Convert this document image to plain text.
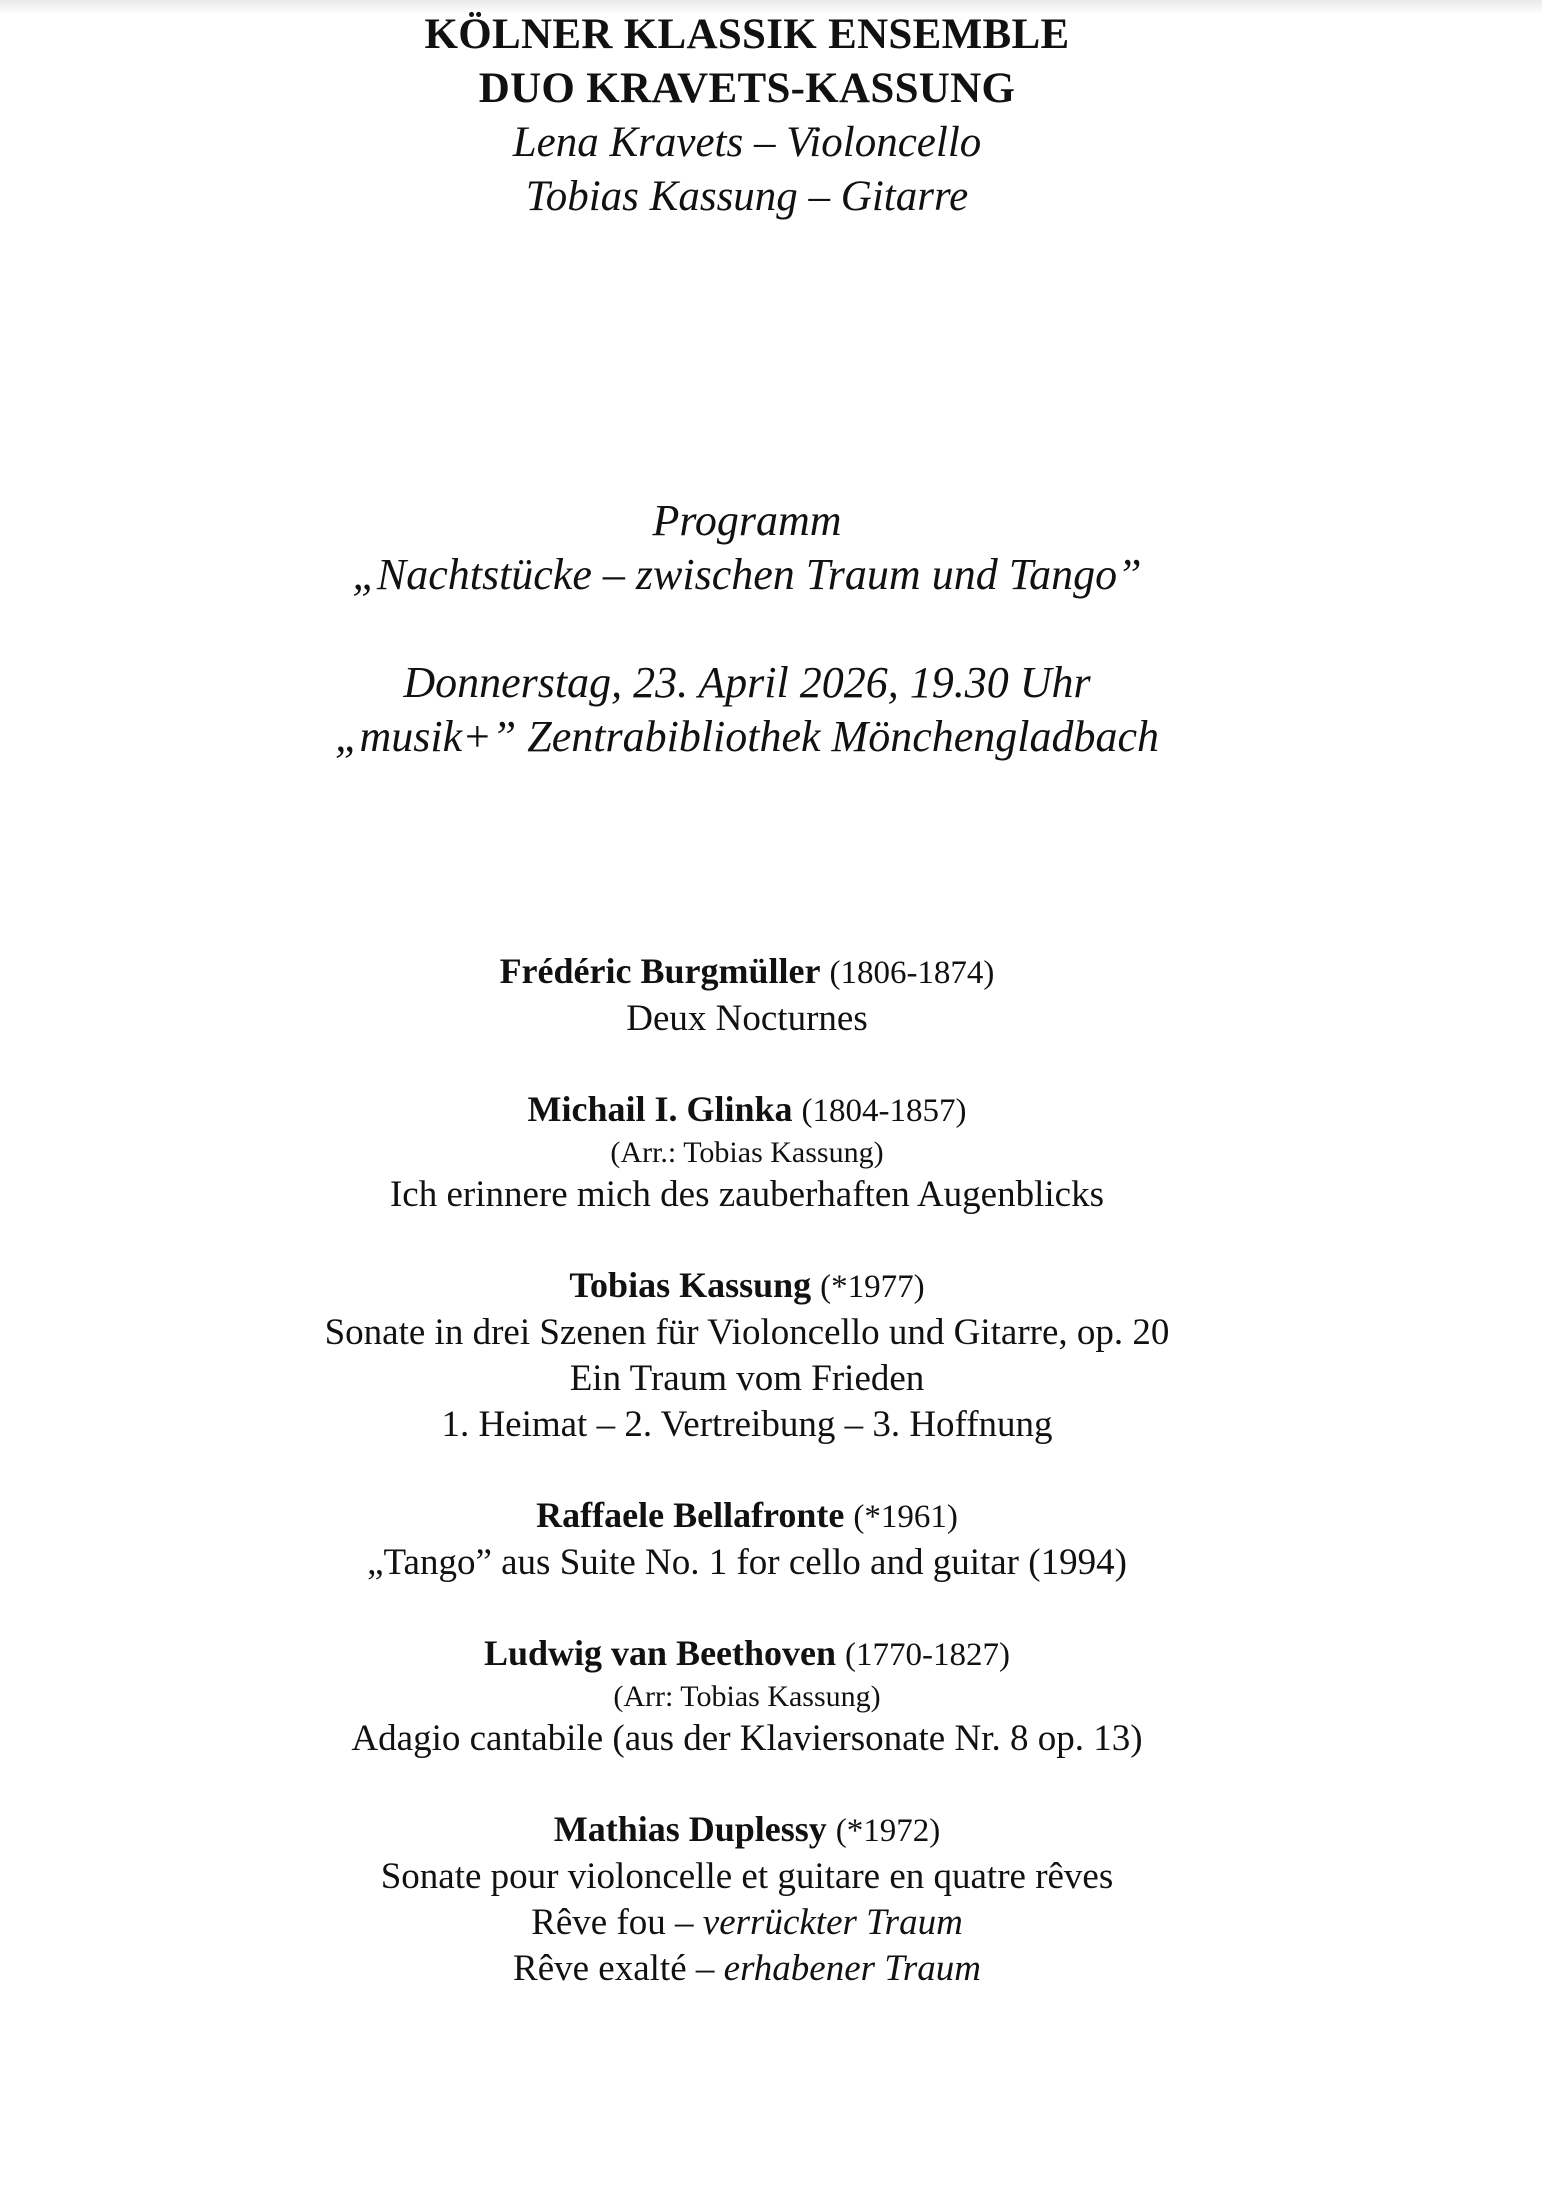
KÖLNER KLASSIK ENSEMBLE
DUO KRAVETS-KASSUNG
Lena Kravets – Violoncello
Tobias Kassung – Gitarre
Programm
„Nachtstücke – zwischen Traum und Tango”
Donnerstag, 23. April 2026, 19.30 Uhr
„musik+” Zentrabibliothek Mönchengladbach
Frédéric Burgmüller (1806-1874)
Deux Nocturnes
Michail I. Glinka (1804-1857)
(Arr.: Tobias Kassung)
Ich erinnere mich des zauberhaften Augenblicks
Tobias Kassung (*1977)
Sonate in drei Szenen für Violoncello und Gitarre, op. 20
Ein Traum vom Frieden
1. Heimat – 2. Vertreibung – 3. Hoffnung
Raffaele Bellafronte (*1961)
„Tango” aus Suite No. 1 for cello and guitar (1994)
Ludwig van Beethoven (1770-1827)
(Arr: Tobias Kassung)
Adagio cantabile (aus der Klaviersonate Nr. 8 op. 13)
Mathias Duplessy (*1972)
Sonate pour violoncelle et guitare en quatre rêves
Rêve fou – verrückter Traum
Rêve exalté – erhabener Traum
